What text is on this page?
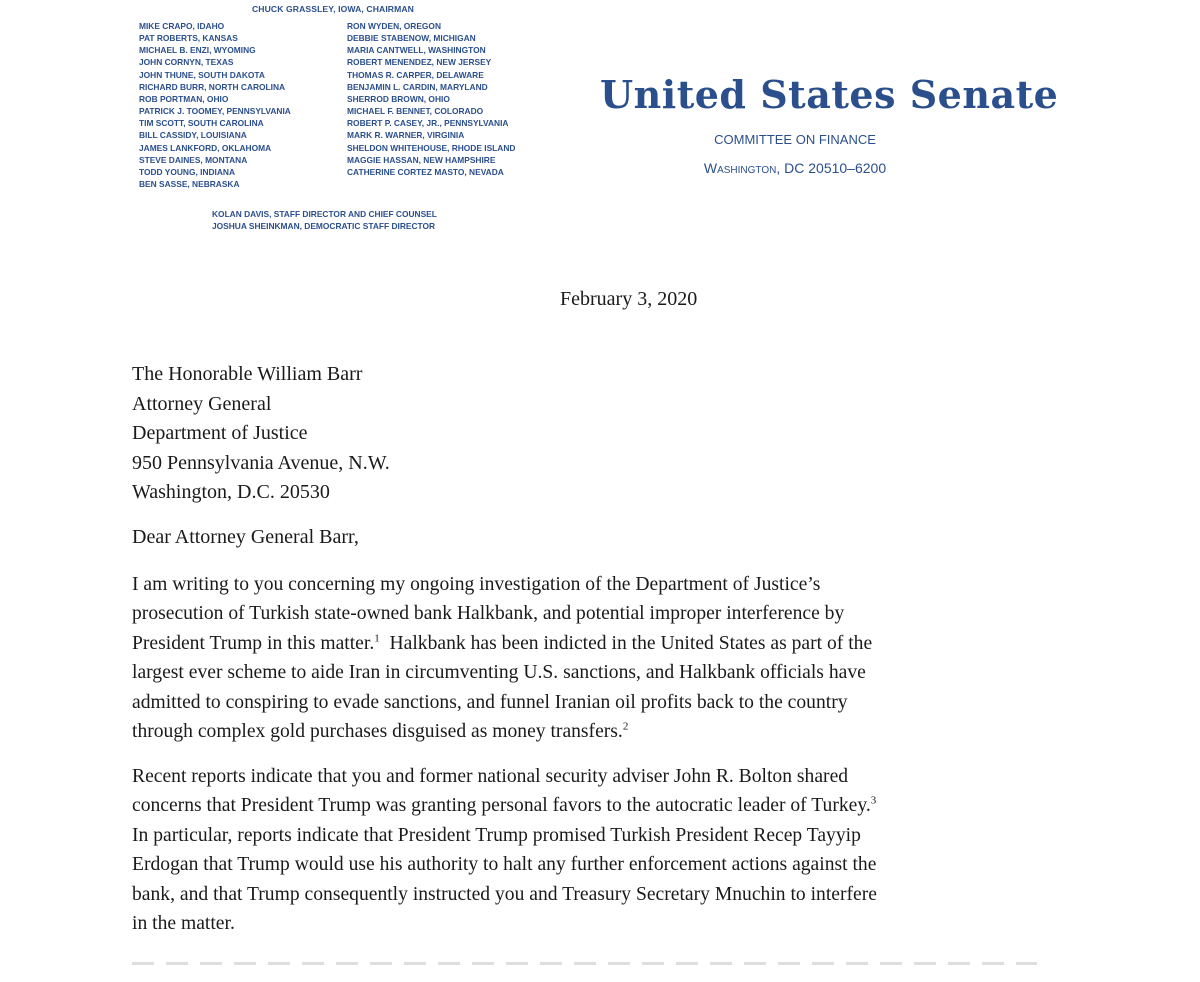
CHUCK GRASSLEY, IOWA, CHAIRMAN
MIKE CRAPO, IDAHO
PAT ROBERTS, KANSAS
MICHAEL B. ENZI, WYOMING
JOHN CORNYN, TEXAS
JOHN THUNE, SOUTH DAKOTA
RICHARD BURR, NORTH CAROLINA
ROB PORTMAN, OHIO
PATRICK J. TOOMEY, PENNSYLVANIA
TIM SCOTT, SOUTH CAROLINA
BILL CASSIDY, LOUISIANA
JAMES LANKFORD, OKLAHOMA
STEVE DAINES, MONTANA
TODD YOUNG, INDIANA
BEN SASSE, NEBRASKA
RON WYDEN, OREGON
DEBBIE STABENOW, MICHIGAN
MARIA CANTWELL, WASHINGTON
ROBERT MENENDEZ, NEW JERSEY
THOMAS R. CARPER, DELAWARE
BENJAMIN L. CARDIN, MARYLAND
SHERROD BROWN, OHIO
MICHAEL F. BENNET, COLORADO
ROBERT P. CASEY, JR., PENNSYLVANIA
MARK R. WARNER, VIRGINIA
SHELDON WHITEHOUSE, RHODE ISLAND
MAGGIE HASSAN, NEW HAMPSHIRE
CATHERINE CORTEZ MASTO, NEVADA
KOLAN DAVIS, STAFF DIRECTOR AND CHIEF COUNSEL
JOSHUA SHEINKMAN, DEMOCRATIC STAFF DIRECTOR
United States Senate
COMMITTEE ON FINANCE
Washington, DC 20510–6200
February 3, 2020
The Honorable William Barr
Attorney General
Department of Justice
950 Pennsylvania Avenue, N.W.
Washington, D.C. 20530
Dear Attorney General Barr,
I am writing to you concerning my ongoing investigation of the Department of Justice’s
prosecution of Turkish state-owned bank Halkbank, and potential improper interference by
President Trump in this matter.$^1$  Halkbank has been indicted in the United States as part of the
largest ever scheme to aide Iran in circumventing U.S. sanctions, and Halkbank officials have
admitted to conspiring to evade sanctions, and funnel Iranian oil profits back to the country
through complex gold purchases disguised as money transfers.$^2$
Recent reports indicate that you and former national security adviser John R. Bolton shared
concerns that President Trump was granting personal favors to the autocratic leader of Turkey.$^3$
In particular, reports indicate that President Trump promised Turkish President Recep Tayyip
Erdogan that Trump would use his authority to halt any further enforcement actions against the
bank, and that Trump consequently instructed you and Treasury Secretary Mnuchin to interfere
in the matter.
